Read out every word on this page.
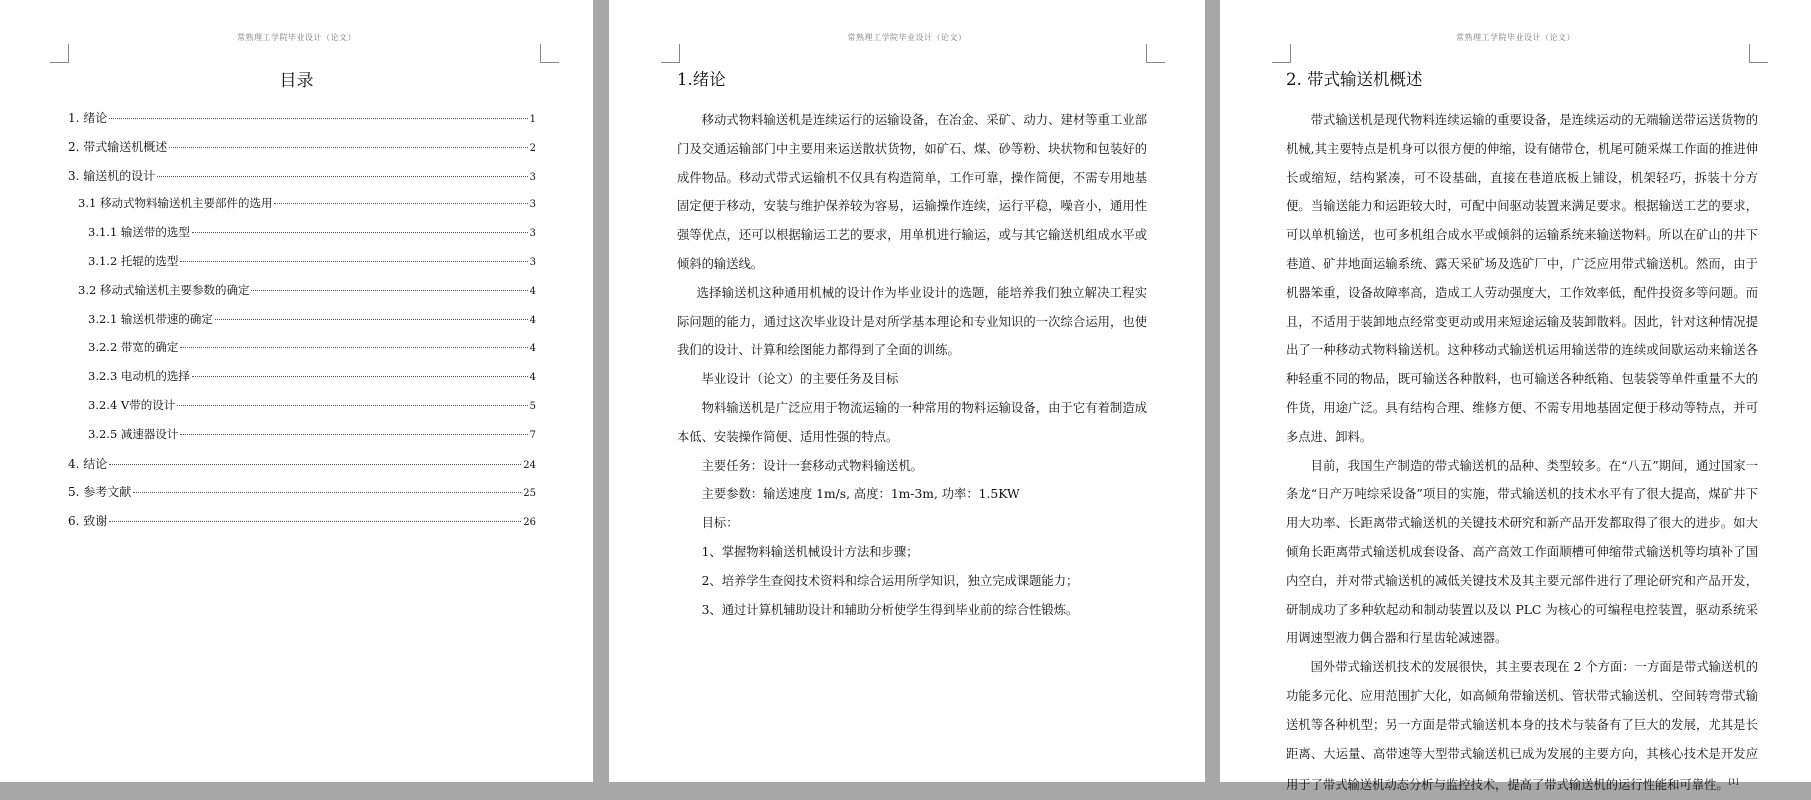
常熟理工学院毕业设计（论文）
目录
1. 绪论	1
2. 带式输送机概述	2
3. 输送机的设计	3
3.1 移动式物料输送机主要部件的选用	3
3.1.1 输送带的选型	3
3.1.2 托辊的选型	3
3.2 移动式输送机主要参数的确定	4
3.2.1 输送机带速的确定	4
3.2.2 带宽的确定	4
3.2.3 电动机的选择	4
3.2.4 V带的设计	5
3.2.5 减速器设计	7
4. 结论	24
5. 参考文献	25
6. 致谢	26
常熟理工学院毕业设计（论文）
1.绪论

移动式物料输送机是连续运行的运输设备，在冶金、采矿、动力、建材等重工业部门及交通运输部门中主要用来运送散状货物，如矿石、煤、砂等粉、块状物和包装好的成件物品。移动式带式运输机不仅具有构造简单，工作可靠，操作简便，不需专用地基固定便于移动，安装与维护保养较为容易，运输操作连续，运行平稳，噪音小，通用性强等优点，还可以根据输运工艺的要求，用单机进行输运，或与其它输送机组成水平或倾斜的输送线。

选择输送机这种通用机械的设计作为毕业设计的选题，能培养我们独立解决工程实际问题的能力，通过这次毕业设计是对所学基本理论和专业知识的一次综合运用，也使我们的设计、计算和绘图能力都得到了全面的训练。

毕业设计（论文）的主要任务及目标

物料输送机是广泛应用于物流运输的一种常用的物料运输设备，由于它有着制造成本低、安装操作简便、适用性强的特点。

主要任务：设计一套移动式物料输送机。

主要参数：输送速度 1m/s, 高度：1m-3m, 功率：1.5KW

目标：

1、掌握物料输送机械设计方法和步骤；

2、培养学生查阅技术资料和综合运用所学知识，独立完成课题能力；

3、通过计算机辅助设计和辅助分析使学生得到毕业前的综合性锻炼。

常熟理工学院毕业设计（论文）
2. 带式输送机概述

带式输送机是现代物料连续运输的重要设备，是连续运动的无端输送带运送货物的机械,其主要特点是机身可以很方便的伸缩，设有储带仓，机尾可随采煤工作面的推进伸长或缩短，结构紧凑，可不设基础，直接在巷道底板上铺设，机架轻巧，拆装十分方便。当输送能力和运距较大时，可配中间驱动装置来满足要求。根据输送工艺的要求，可以单机输送，也可多机组合成水平或倾斜的运输系统来输送物料。所以在矿山的井下巷道、矿井地面运输系统、露天采矿场及选矿厂中，广泛应用带式输送机。然而，由于机器笨重，设备故障率高，造成工人劳动强度大，工作效率低，配件投资多等问题。而且，不适用于装卸地点经常变更动或用来短途运输及装卸散料。因此，针对这种情况提出了一种移动式物料输送机。这种移动式输送机运用输送带的连续或间歇运动来输送各种轻重不同的物品，既可输送各种散料，也可输送各种纸箱、包装袋等单件重量不大的件货，用途广泛。具有结构合理、维修方便、不需专用地基固定便于移动等特点，并可多点进、卸料。

目前，我国生产制造的带式输送机的品种、类型较多。在“八五”期间，通过国家一条龙“日产万吨综采设备”项目的实施，带式输送机的技术水平有了很大提高，煤矿井下用大功率、长距离带式输送机的关键技术研究和新产品开发都取得了很大的进步。如大倾角长距离带式输送机成套设备、高产高效工作面顺槽可伸缩带式输送机等均填补了国内空白，并对带式输送机的减低关键技术及其主要元部件进行了理论研究和产品开发，研制成功了多种软起动和制动装置以及以 PLC 为核心的可编程电控装置，驱动系统采用调速型液力偶合器和行星齿轮减速器。

国外带式输送机技术的发展很快，其主要表现在 2 个方面：一方面是带式输送机的功能多元化、应用范围扩大化，如高倾角带输送机、管状带式输送机、空间转弯带式输送机等各种机型；另一方面是带式输送机本身的技术与装备有了巨大的发展，尤其是长距离、大运量、高带速等大型带式输送机已成为发展的主要方向，其核心技术是开发应用于了带式输送机动态分析与监控技术，提高了带式输送机的运行性能和可靠性。[1]
